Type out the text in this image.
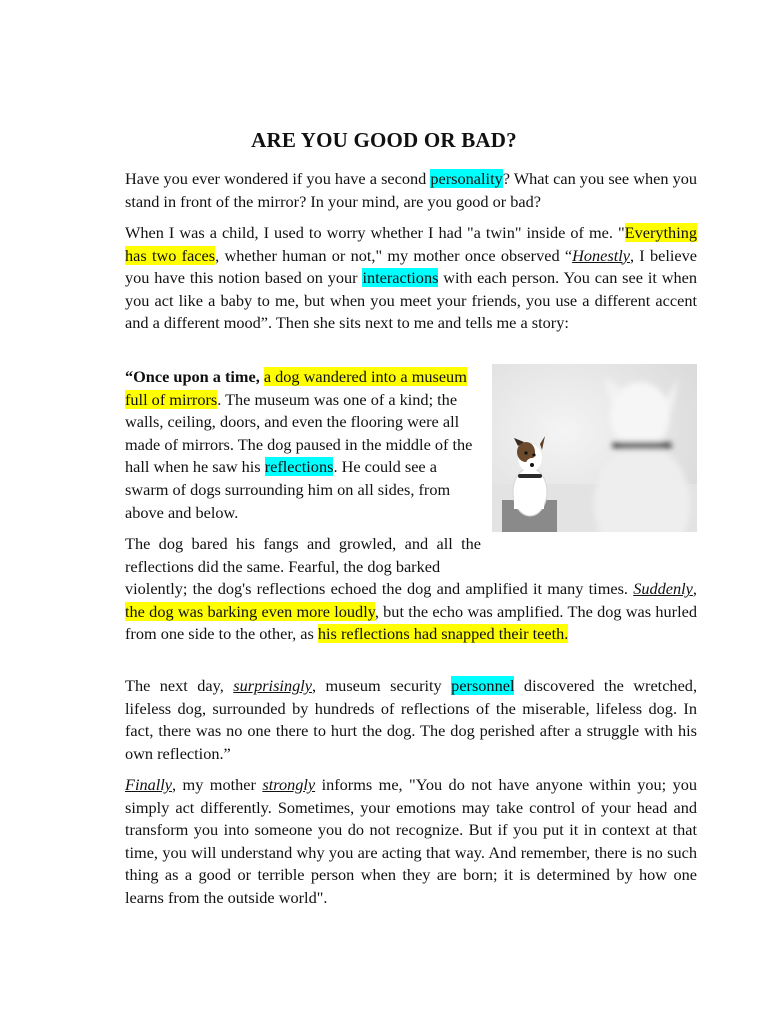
ARE YOU GOOD OR BAD?

Have you ever wondered if you have a second personality? What can you see when you stand in front of the mirror? In your mind, are you good or bad?

When I was a child, I used to worry whether I had "a twin" inside of me. "Everything has two faces, whether human or not," my mother once observed “Honestly, I believe you have this notion based on your interactions with each person. You can see it when you act like a baby to me, but when you meet your friends, you use a different accent and a different mood”. Then she sits next to me and tells me a story:

“Once upon a time, a dog wandered into a museum full of mirrors. The museum was one of a kind; the walls, ceiling, doors, and even the flooring were all made of mirrors. The dog paused in the middle of the hall when he saw his reflections. He could see a swarm of dogs surrounding him on all sides, from above and below.

The dog bared his fangs and growled, and all the reflections did the same. Fearful, the dog barked
violently; the dog's reflections echoed the dog and amplified it many times. Suddenly, the dog was barking even more loudly, but the echo was amplified. The dog was hurled from one side to the other, as his reflections had snapped their teeth.

The next day, surprisingly, museum security personnel discovered the wretched, lifeless dog, surrounded by hundreds of reflections of the miserable, lifeless dog. In fact, there was no one there to hurt the dog. The dog perished after a struggle with his own reflection.”

Finally, my mother strongly informs me, "You do not have anyone within you; you simply act differently. Sometimes, your emotions may take control of your head and transform you into someone you do not recognize. But if you put it in context at that time, you will understand why you are acting that way. And remember, there is no such thing as a good or terrible person when they are born; it is determined by how one learns from the outside world".
